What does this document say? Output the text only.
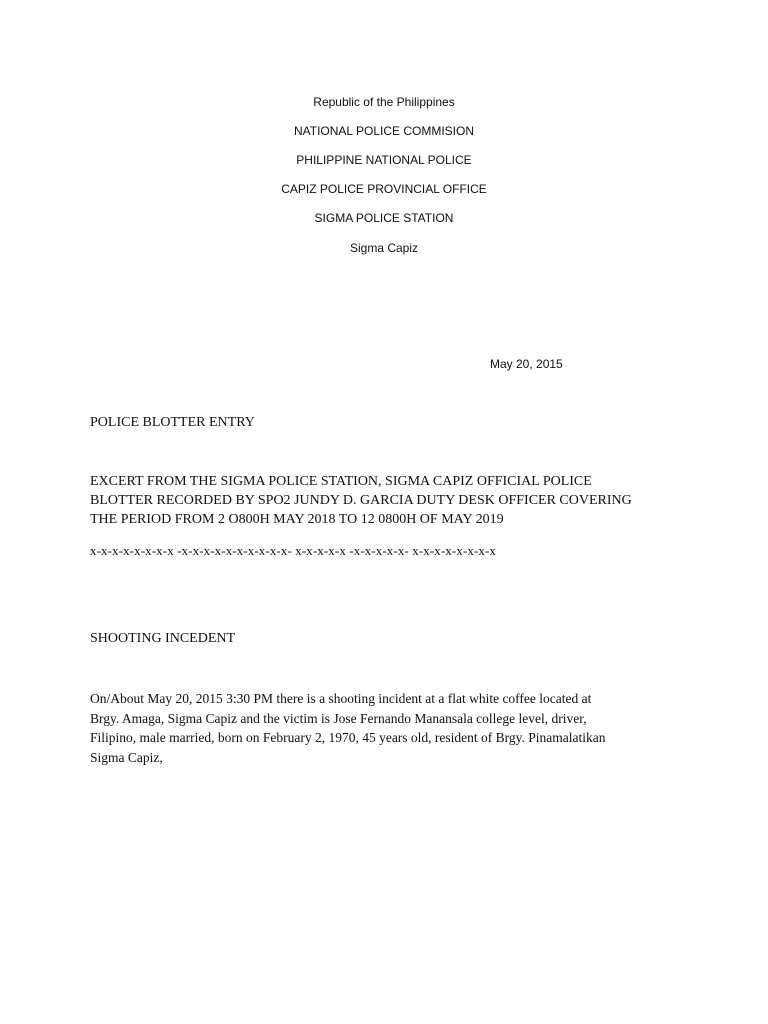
Republic of the Philippines
NATIONAL POLICE COMMISION
PHILIPPINE NATIONAL POLICE
CAPIZ POLICE PROVINCIAL OFFICE
SIGMA POLICE STATION
Sigma Capiz
May 20, 2015
POLICE BLOTTER ENTRY
EXCERT FROM THE SIGMA POLICE STATION, SIGMA CAPIZ OFFICIAL POLICE
BLOTTER RECORDED BY SPO2 JUNDY D. GARCIA DUTY DESK OFFICER COVERING
THE PERIOD FROM 2 O800H MAY 2018 TO 12 0800H OF MAY 2019
x-x-x-x-x-x-x-x -x-x-x-x-x-x-x-x-x-x- x-x-x-x-x -x-x-x-x-x- x-x-x-x-x-x-x-x
SHOOTING INCEDENT
On/About May 20, 2015 3:30 PM there is a shooting incident at a flat white coffee located at
Brgy. Amaga, Sigma Capiz and the victim is Jose Fernando Manansala college level, driver,
Filipino, male married, born on February 2, 1970, 45 years old, resident of Brgy. Pinamalatikan
Sigma Capiz,
